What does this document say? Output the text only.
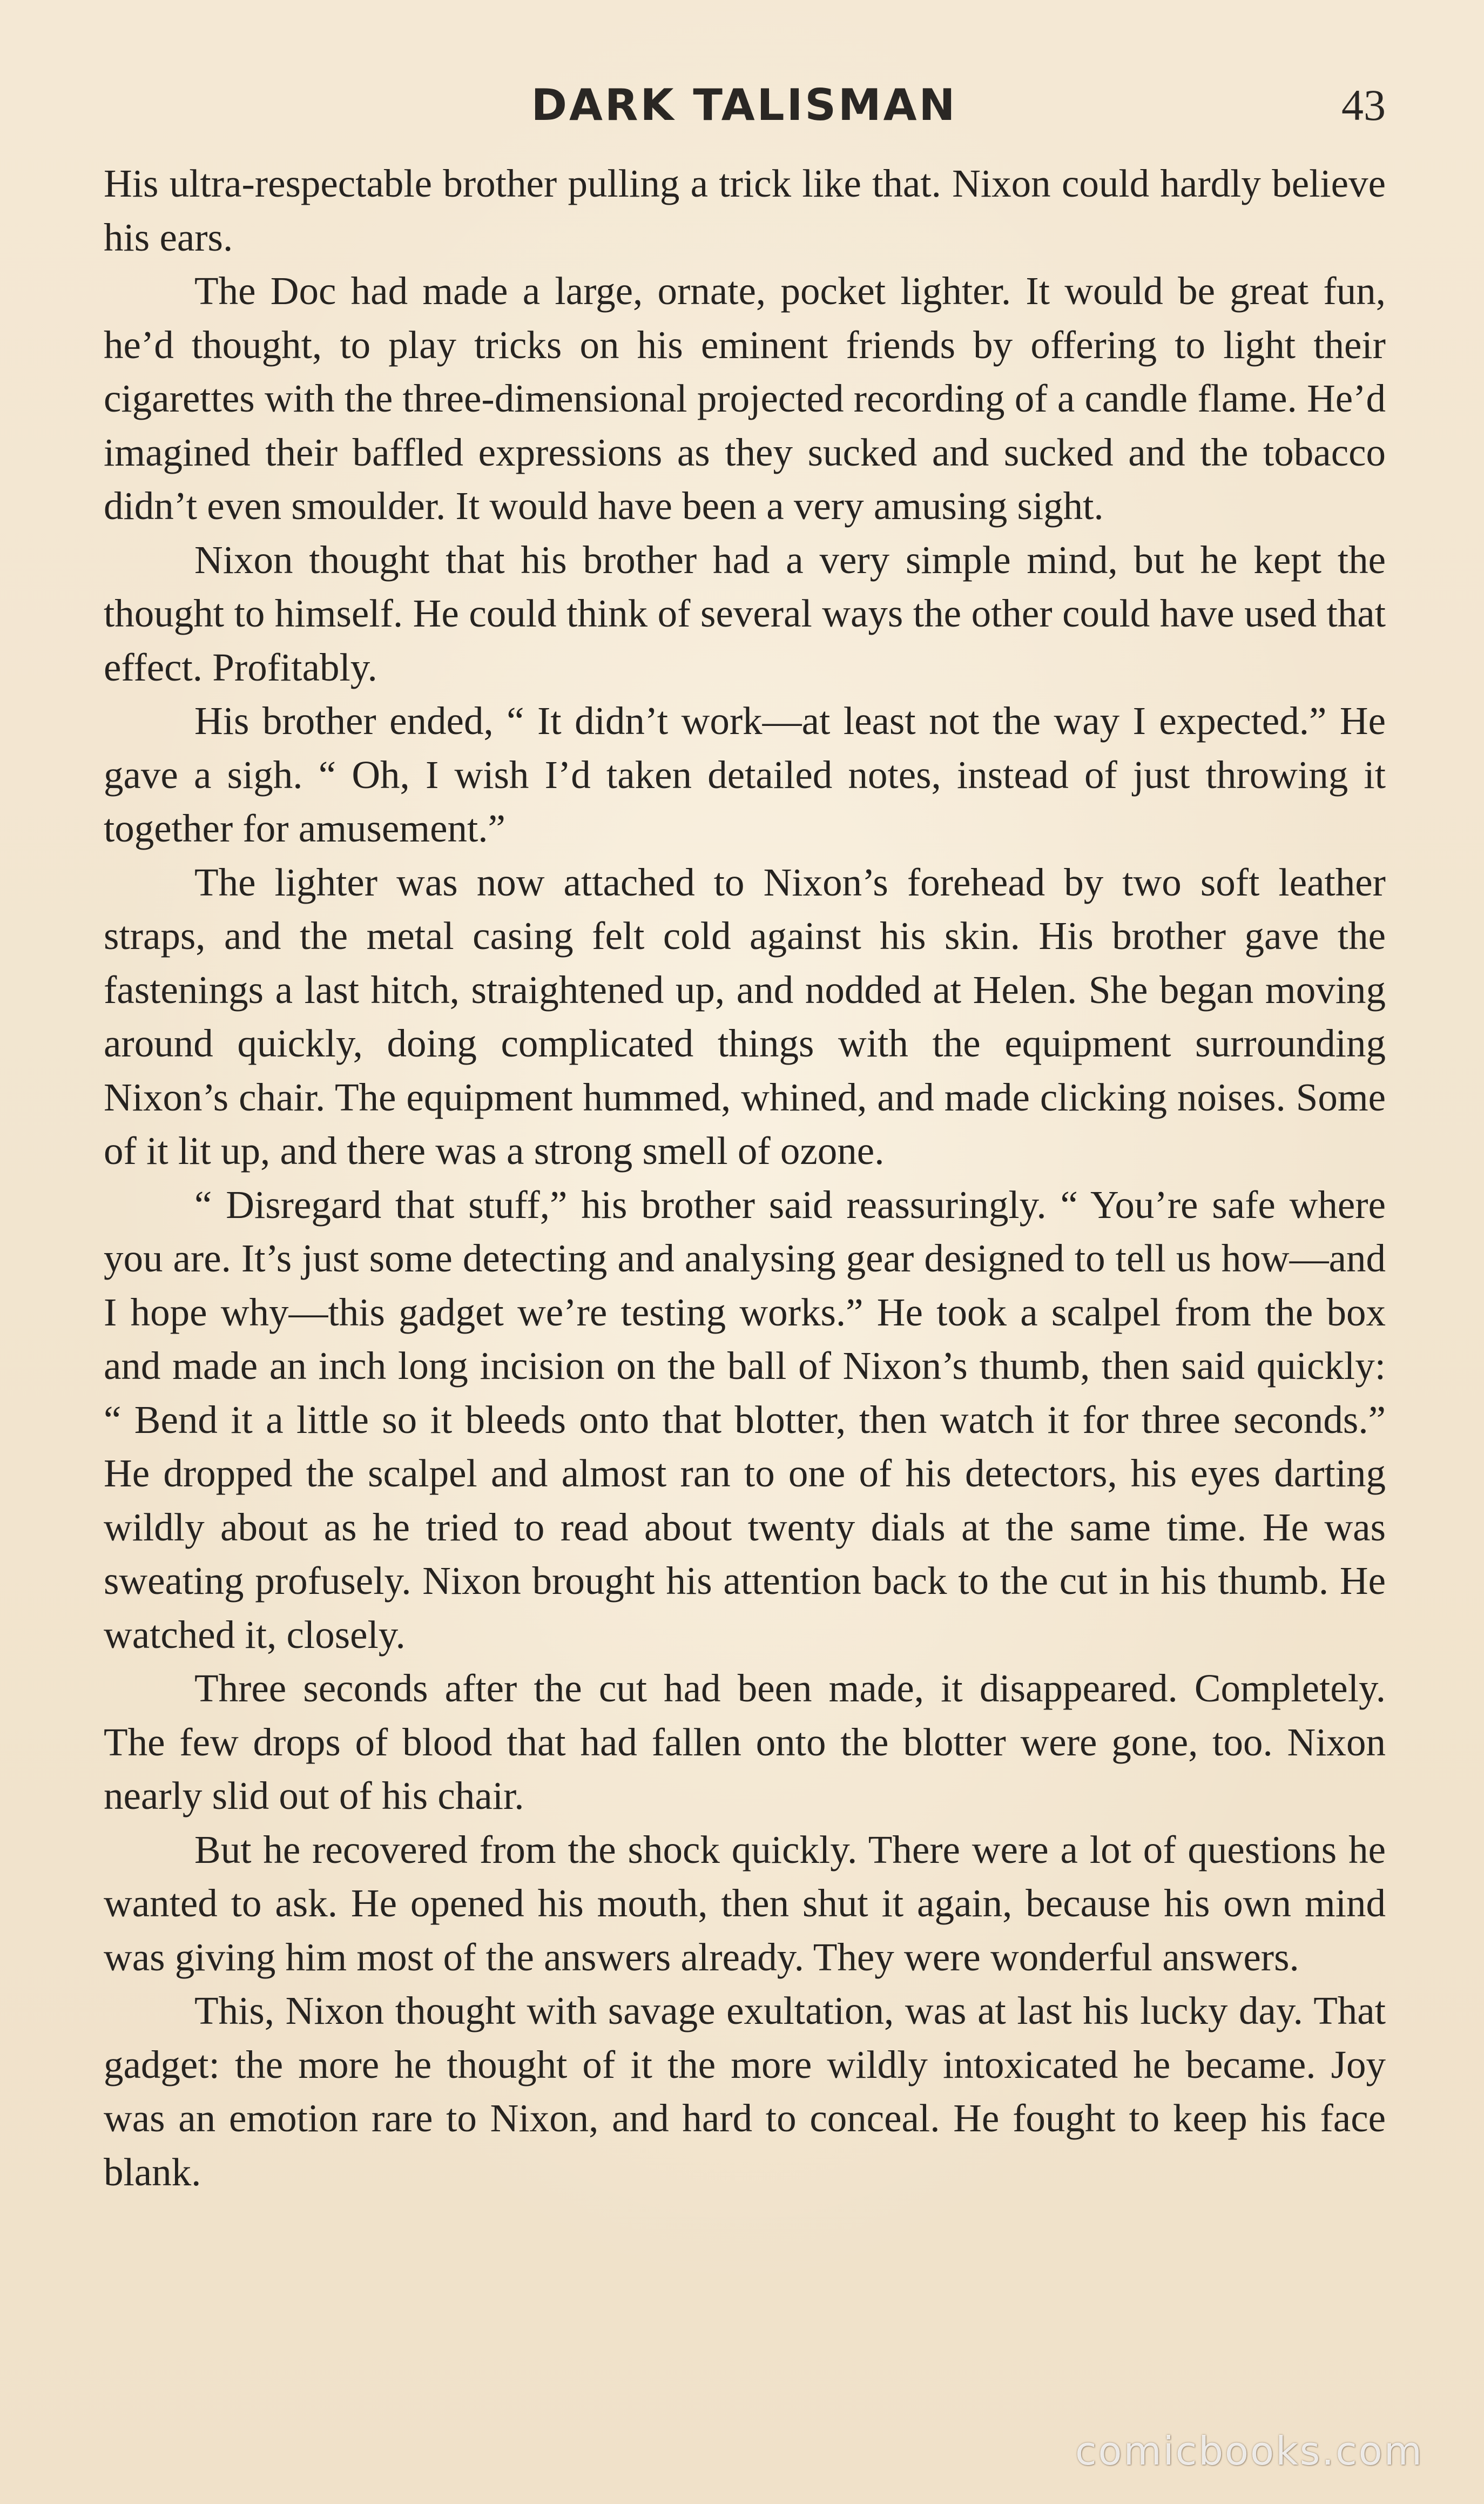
DARK TALISMAN	43

His ultra-respectable brother pulling a trick like that. Nixon could hardly believe his ears.

The Doc had made a large, ornate, pocket lighter. It would be great fun, he’d thought, to play tricks on his eminent friends by offering to light their cigarettes with the three-dimensional projected recording of a candle flame. He’d imagined their baffled expressions as they sucked and sucked and the tobacco didn’t even smoulder. It would have been a very amusing sight.

Nixon thought that his brother had a very simple mind, but he kept the thought to himself. He could think of several ways the other could have used that effect. Profitably.

His brother ended, “ It didn’t work—at least not the way I expected.” He gave a sigh. “ Oh, I wish I’d taken detailed notes, instead of just throwing it together for amusement.”

The lighter was now attached to Nixon’s forehead by two soft leather straps, and the metal casing felt cold against his skin. His brother gave the fastenings a last hitch, straightened up, and nodded at Helen. She began moving around quickly, doing complicated things with the equipment surrounding Nixon’s chair. The equipment hummed, whined, and made clicking noises. Some of it lit up, and there was a strong smell of ozone.

“ Disregard that stuff,” his brother said reassuringly. “ You’re safe where you are. It’s just some detecting and analysing gear designed to tell us how—and I hope why—this gadget we’re testing works.” He took a scalpel from the box and made an inch long incision on the ball of Nixon’s thumb, then said quickly: “ Bend it a little so it bleeds onto that blotter, then watch it for three seconds.” He dropped the scalpel and almost ran to one of his detectors, his eyes darting wildly about as he tried to read about twenty dials at the same time. He was sweating profusely. Nixon brought his attention back to the cut in his thumb. He watched it, closely.

Three seconds after the cut had been made, it disappeared. Completely. The few drops of blood that had fallen onto the blotter were gone, too. Nixon nearly slid out of his chair.

But he recovered from the shock quickly. There were a lot of questions he wanted to ask. He opened his mouth, then shut it again, because his own mind was giving him most of the answers already. They were wonderful answers.

This, Nixon thought with savage exultation, was at last his lucky day. That gadget: the more he thought of it the more wildly intoxicated he became. Joy was an emotion rare to Nixon, and hard to conceal. He fought to keep his face blank.

comicbooks.com
